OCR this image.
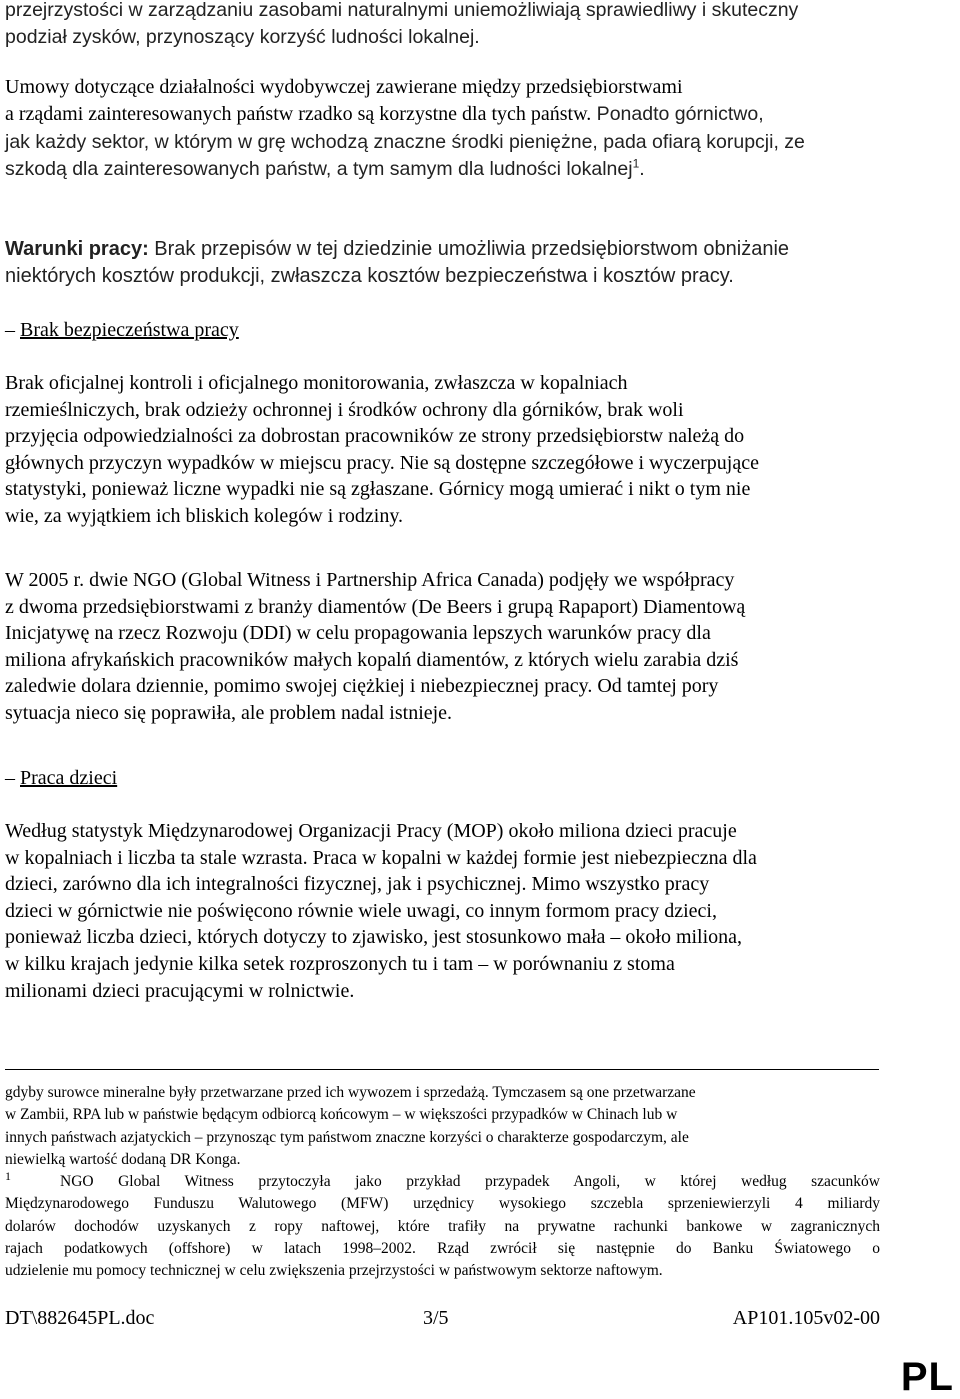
przejrzystości w zarządzaniu zasobami naturalnymi uniemożliwiają sprawiedliwy i skuteczny
podział zysków, przynoszący korzyść ludności lokalnej.
Umowy dotyczące działalności wydobywczej zawierane między przedsiębiorstwami
a rządami zainteresowanych państw rzadko są korzystne dla tych państw. Ponadto górnictwo,
jak każdy sektor, w którym w grę wchodzą znaczne środki pieniężne, pada ofiarą korupcji, ze
szkodą dla zainteresowanych państw, a tym samym dla ludności lokalnej$^1$.
Warunki pracy: Brak przepisów w tej dziedzinie umożliwia przedsiębiorstwom obniżanie
niektórych kosztów produkcji, zwłaszcza kosztów bezpieczeństwa i kosztów pracy.
– Brak bezpieczeństwa pracy
Brak oficjalnej kontroli i oficjalnego monitorowania, zwłaszcza w kopalniach
rzemieślniczych, brak odzieży ochronnej i środków ochrony dla górników, brak woli
przyjęcia odpowiedzialności za dobrostan pracowników ze strony przedsiębiorstw należą do
głównych przyczyn wypadków w miejscu pracy. Nie są dostępne szczegółowe i wyczerpujące
statystyki, ponieważ liczne wypadki nie są zgłaszane. Górnicy mogą umierać i nikt o tym nie
wie, za wyjątkiem ich bliskich kolegów i rodziny.
W 2005 r. dwie NGO (Global Witness i Partnership Africa Canada) podjęły we współpracy
z dwoma przedsiębiorstwami z branży diamentów (De Beers i grupą Rapaport) Diamentową
Inicjatywę na rzecz Rozwoju (DDI) w celu propagowania lepszych warunków pracy dla
miliona afrykańskich pracowników małych kopalń diamentów, z których wielu zarabia dziś
zaledwie dolara dziennie, pomimo swojej ciężkiej i niebezpiecznej pracy. Od tamtej pory
sytuacja nieco się poprawiła, ale problem nadal istnieje.
– Praca dzieci
Według statystyk Międzynarodowej Organizacji Pracy (MOP) około miliona dzieci pracuje
w kopalniach i liczba ta stale wzrasta. Praca w kopalni w każdej formie jest niebezpieczna dla
dzieci, zarówno dla ich integralności fizycznej, jak i psychicznej. Mimo wszystko pracy
dzieci w górnictwie nie poświęcono równie wiele uwagi, co innym formom pracy dzieci,
ponieważ liczba dzieci, których dotyczy to zjawisko, jest stosunkowo mała – około miliona,
w kilku krajach jedynie kilka setek rozproszonych tu i tam – w porównaniu z stoma
milionami dzieci pracującymi w rolnictwie.
gdyby surowce mineralne były przetwarzane przed ich wywozem i sprzedażą. Tymczasem są one przetwarzane
w Zambii, RPA lub w państwie będącym odbiorcą końcowym – w większości przypadków w Chinach lub w
innych państwach azjatyckich – przynosząc tym państwom znaczne korzyści o charakterze gospodarczym, ale
niewielką wartość dodaną DR Konga.
$^1$	NGO Global Witness przytoczyła jako przykład przypadek Angoli, w której według szacunków
Międzynarodowego Funduszu Walutowego (MFW) urzędnicy wysokiego szczebla sprzeniewierzyli 4 miliardy
dolarów dochodów uzyskanych z ropy naftowej, które trafiły na prywatne rachunki bankowe w zagranicznych
rajach podatkowych (offshore) w latach 1998–2002. Rząd zwrócił się następnie do Banku Światowego o
udzielenie mu pomocy technicznej w celu zwiększenia przejrzystości w państwowym sektorze naftowym.
DT\882645PL.doc	3/5	AP101.105v02-00
PL
